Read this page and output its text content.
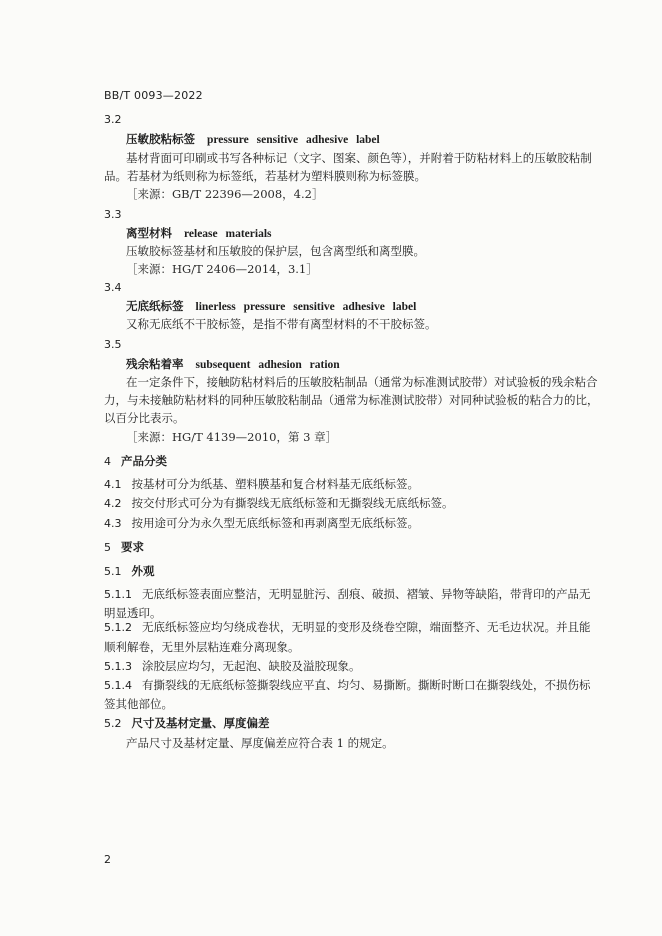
BB/T 0093—2022
3.2
压敏胶粘标签 pressure sensitive adhesive label
基材背面可印刷或书写各种标记（文字、图案、颜色等），并附着于防粘材料上的压敏胶粘制
品。若基材为纸则称为标签纸，若基材为塑料膜则称为标签膜。
［来源：GB/T 22396—2008，4.2］
3.3
离型材料 release materials
压敏胶标签基材和压敏胶的保护层，包含离型纸和离型膜。
［来源：HG/T 2406—2014，3.1］
3.4
无底纸标签 linerless pressure sensitive adhesive label
又称无底纸不干胶标签，是指不带有离型材料的不干胶标签。
3.5
残余粘着率 subsequent adhesion ration
在一定条件下，接触防粘材料后的压敏胶粘制品（通常为标准测试胶带）对试验板的残余粘合
力，与未接触防粘材料的同种压敏胶粘制品（通常为标准测试胶带）对同种试验板的粘合力的比，
以百分比表示。
［来源：HG/T 4139—2010，第 3 章］
4 产品分类
4.1 按基材可分为纸基、塑料膜基和复合材料基无底纸标签。
4.2 按交付形式可分为有撕裂线无底纸标签和无撕裂线无底纸标签。
4.3 按用途可分为永久型无底纸标签和再剥离型无底纸标签。
5 要求
5.1 外观
5.1.1 无底纸标签表面应整洁，无明显脏污、刮痕、破损、褶皱、异物等缺陷，带背印的产品无
明显透印。
5.1.2 无底纸标签应均匀绕成卷状，无明显的变形及绕卷空隙，端面整齐、无毛边状况。并且能
顺利解卷，无里外层粘连难分离现象。
5.1.3 涂胶层应均匀，无起泡、缺胶及溢胶现象。
5.1.4 有撕裂线的无底纸标签撕裂线应平直、均匀、易撕断。撕断时断口在撕裂线处，不损伤标
签其他部位。
5.2 尺寸及基材定量、厚度偏差
产品尺寸及基材定量、厚度偏差应符合表 1 的规定。
2
